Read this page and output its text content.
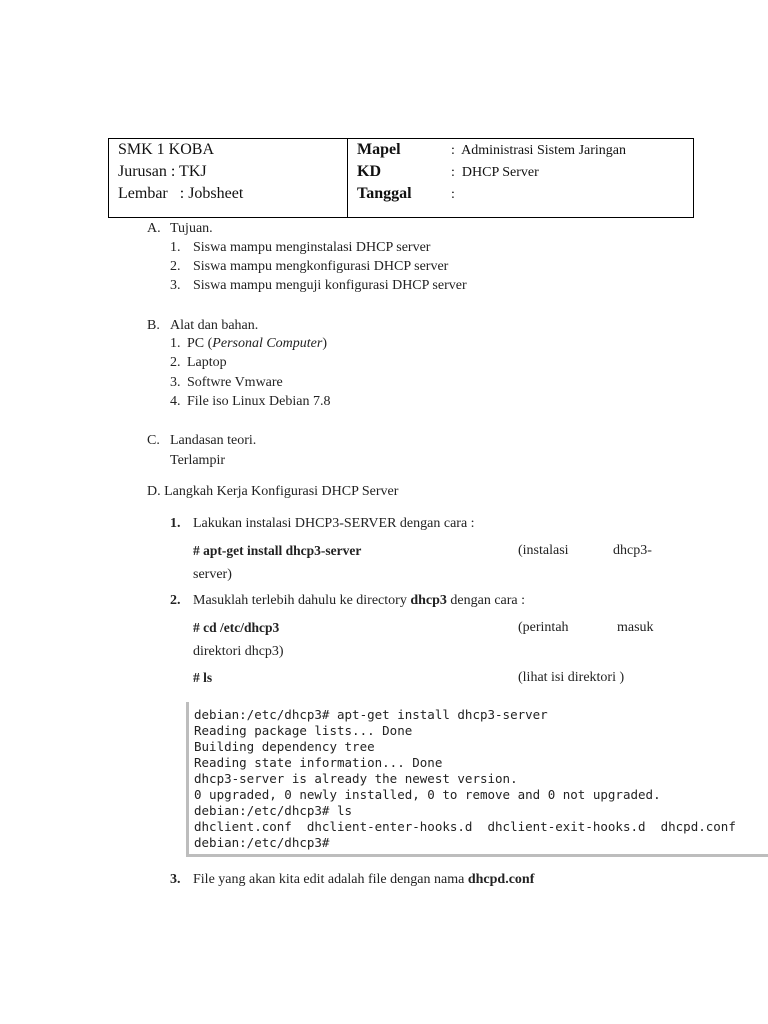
SMK 1 KOBA
Jurusan : TKJ
Lembar   : Jobsheet
Mapel	:  Administrasi Sistem Jaringan
KD	:  DHCP Server
Tanggal	:
A. Tujuan.
1. Siswa mampu menginstalasi DHCP server
2. Siswa mampu mengkonfigurasi DHCP server
3. Siswa mampu menguji konfigurasi DHCP server
B. Alat dan bahan.
1. PC (Personal Computer)
2. Laptop
3. Softwre Vmware
4. File iso Linux Debian 7.8
C. Landasan teori.
Terlampir
D. Langkah Kerja Konfigurasi DHCP Server
1. Lakukan instalasi DHCP3-SERVER dengan cara :
# apt-get install dhcp3-server	(instalasi	dhcp3-
server)
2. Masuklah terlebih dahulu ke directory dhcp3 dengan cara :
# cd /etc/dhcp3	(perintah	masuk
direktori dhcp3)
# ls	(lihat isi direktori )
debian:/etc/dhcp3# apt-get install dhcp3-server
Reading package lists... Done
Building dependency tree
Reading state information... Done
dhcp3-server is already the newest version.
0 upgraded, 0 newly installed, 0 to remove and 0 not upgraded.
debian:/etc/dhcp3# ls
dhclient.conf  dhclient-enter-hooks.d  dhclient-exit-hooks.d  dhcpd.conf
debian:/etc/dhcp3#
3. File yang akan kita edit adalah file dengan nama dhcpd.conf
